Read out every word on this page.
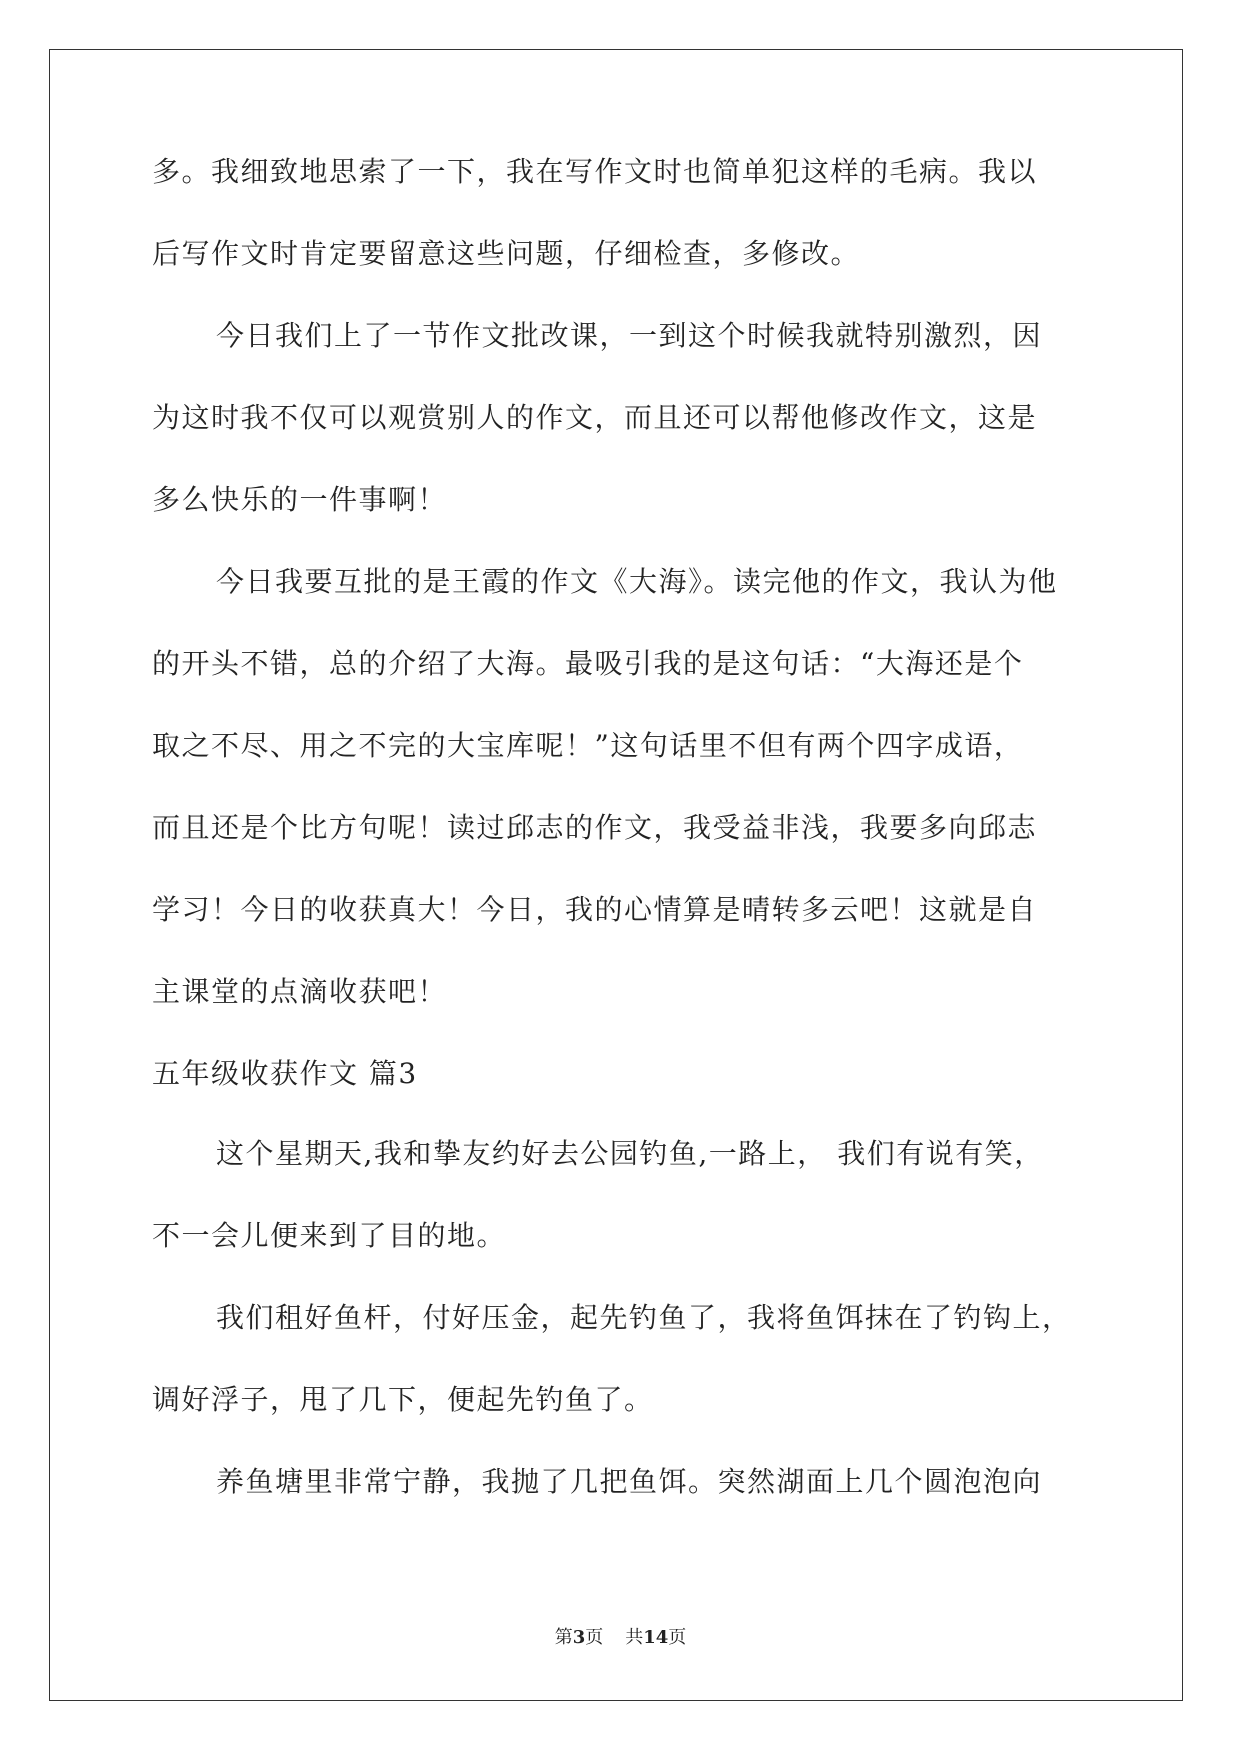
多。我细致地思索了一下，我在写作文时也简单犯这样的毛病。我以
后写作文时肯定要留意这些问题，仔细检查，多修改。
今日我们上了一节作文批改课，一到这个时候我就特别激烈，因
为这时我不仅可以观赏别人的作文，而且还可以帮他修改作文，这是
多么快乐的一件事啊！
今日我要互批的是王霞的作文《大海》。读完他的作文，我认为他
的开头不错，总的介绍了大海。最吸引我的是这句话：“大海还是个
取之不尽、用之不完的大宝库呢！”这句话里不但有两个四字成语，
而且还是个比方句呢！读过邱志的作文，我受益非浅，我要多向邱志
学习！今日的收获真大！今日，我的心情算是晴转多云吧！这就是自
主课堂的点滴收获吧！
五年级收获作文 篇3
这个星期天,我和挚友约好去公园钓鱼,一路上， 我们有说有笑，
不一会儿便来到了目的地。
我们租好鱼杆，付好压金，起先钓鱼了，我将鱼饵抹在了钓钩上，
调好浮子，甩了几下，便起先钓鱼了。
养鱼塘里非常宁静，我抛了几把鱼饵。突然湖面上几个圆泡泡向
第3页 共14页
